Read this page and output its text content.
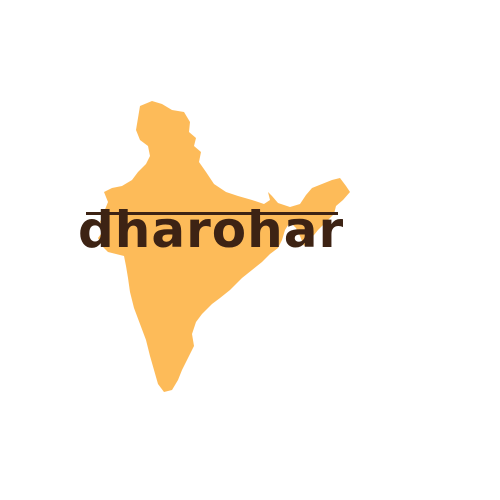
dharohar
